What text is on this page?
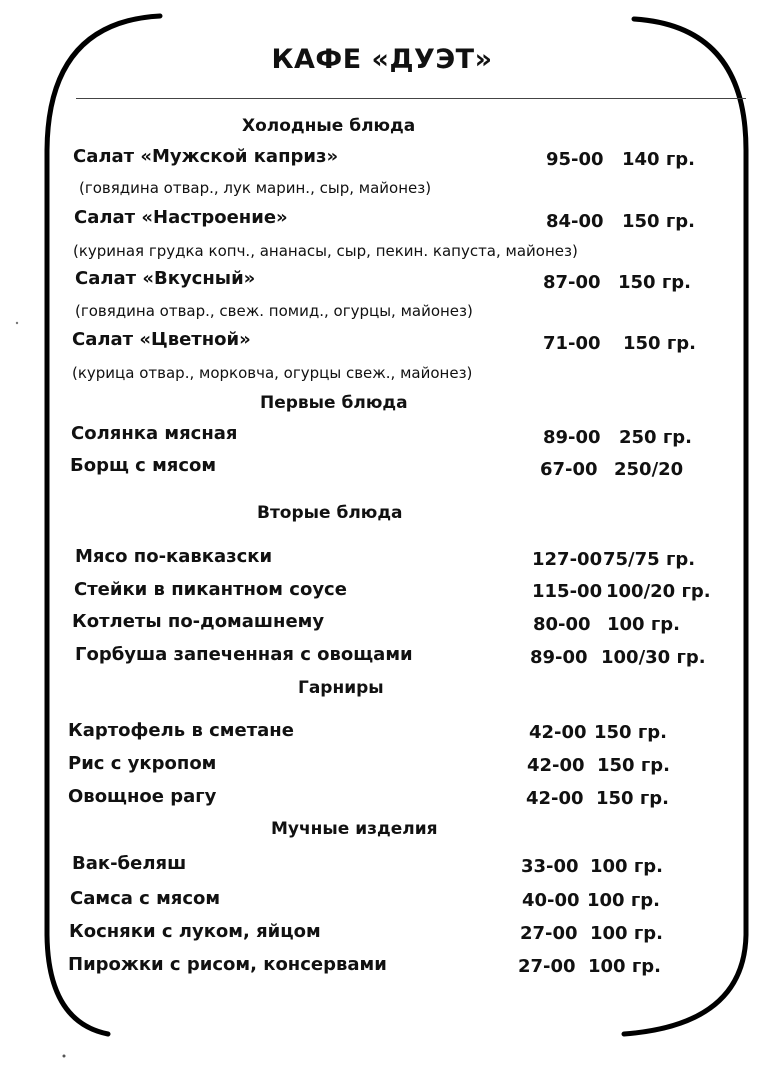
КАФЕ «ДУЭТ»
Холодные блюда
Первые блюда
Вторые блюда
Гарниры
Мучные изделия
Салат «Мужской каприз»	95-00 140 гр.
(говядина отвар., лук марин., сыр, майонез)
Салат «Настроение»	84-00 150 гр.
(куриная грудка копч., ананасы, сыр, пекин. капуста, майонез)
Салат «Вкусный»	87-00 150 гр.
(говядина отвар., свеж. помид., огурцы, майонез)
Салат «Цветной»	71-00 150 гр.
(курица отвар., морковча, огурцы свеж., майонез)
Солянка мясная	89-00 250 гр.
Борщ с мясом	67-00 250/20
Мясо по-кавказски	127-00 75/75 гр.
Стейки в пикантном соусе	115-00 100/20 гр.
Котлеты по-домашнему	80-00 100 гр.
Горбуша запеченная с овощами	89-00 100/30 гр.
Картофель в сметане	42-00 150 гр.
Рис с укропом	42-00 150 гр.
Овощное рагу	42-00 150 гр.
Вак-беляш	33-00 100 гр.
Самса с мясом	40-00 100 гр.
Косняки с луком, яйцом	27-00 100 гр.
Пирожки с рисом, консервами	27-00 100 гр.
